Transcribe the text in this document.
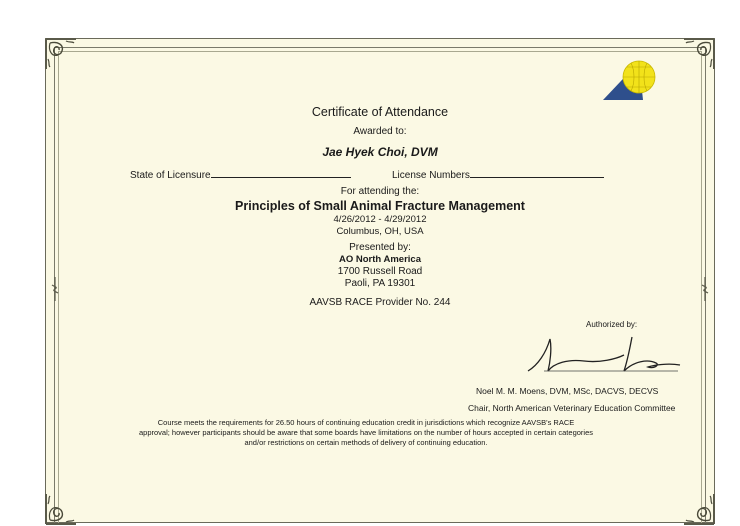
Certificate of Attendance
Awarded to:
Jae Hyek Choi, DVM
State of Licensure	License Numbers
For attending the:
Principles of Small Animal Fracture Management
4/26/2012 - 4/29/2012
Columbus, OH, USA
Presented by:
AO North America
1700 Russell Road
Paoli, PA 19301
AAVSB RACE Provider No. 244
Authorized by:
Noel M. M. Moens, DVM, MSc, DACVS, DECVS
Chair, North American Veterinary Education Committee
Course meets the requirements for 26.50 hours of continuing education credit in jurisdictions which recognize AAVSB's RACE
approval; however participants should be aware that some boards have limitations on the number of hours accepted in certain categories
and/or restrictions on certain methods of delivery of continuing education.
